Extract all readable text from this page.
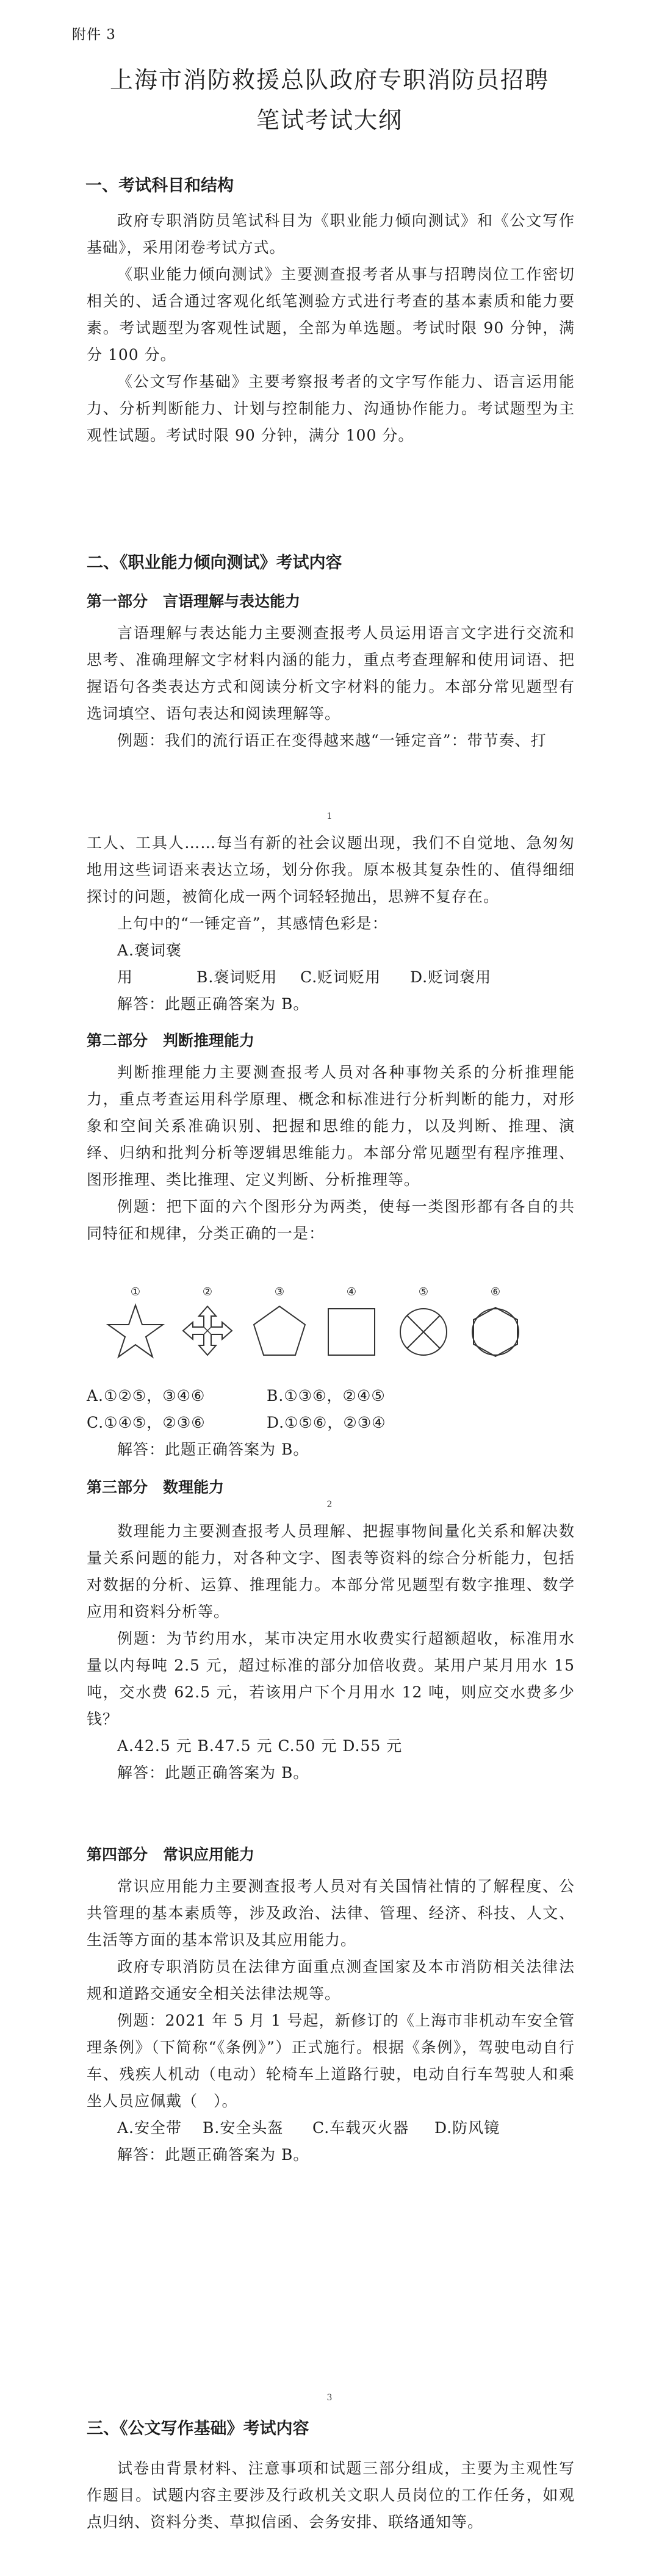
附件 3
上海市消防救援总队政府专职消防员招聘
笔试考试大纲
一、考试科目和结构

政府专职消防员笔试科目为《职业能力倾向测试》和《公文写作基础》，采用闭卷考试方式。

《职业能力倾向测试》主要测查报考者从事与招聘岗位工作密切相关的、适合通过客观化纸笔测验方式进行考查的基本素质和能力要素。考试题型为客观性试题，全部为单选题。考试时限 90 分钟，满分 100 分。

《公文写作基础》主要考察报考者的文字写作能力、语言运用能力、分析判断能力、计划与控制能力、沟通协作能力。考试题型为主观性试题。考试时限 90 分钟，满分 100 分。

二、《职业能力倾向测试》考试内容
第一部分　言语理解与表达能力

言语理解与表达能力主要测查报考人员运用语言文字进行交流和思考、准确理解文字材料内涵的能力，重点考查理解和使用词语、把握语句各类表达方式和阅读分析文字材料的能力。本部分常见题型有选词填空、语句表达和阅读理解等。

例题：我们的流行语正在变得越来越“一锤定音”：带节奏、打

1

工人、工具人……每当有新的社会议题出现，我们不自觉地、急匆匆地用这些词语来表达立场，划分你我。原本极其复杂性的、值得细细探讨的问题，被简化成一两个词轻轻抛出，思辨不复存在。

上句中的“一锤定音”，其感情色彩是：

A.褒词褒用	B.褒词贬用 C.贬词贬用 D.贬词褒用

解答：此题正确答案为 B。

第二部分　判断推理能力

判断推理能力主要测查报考人员对各种事物关系的分析推理能力，重点考查运用科学原理、概念和标准进行分析判断的能力，对形象和空间关系准确识别、把握和思维的能力，以及判断、推理、演绎、归纳和批判分析等逻辑思维能力。本部分常见题型有程序推理、图形推理、类比推理、定义判断、分析推理等。

例题：把下面的六个图形分为两类，使每一类图形都有各自的共同特征和规律，分类正确的一是：

①	②	③	④	⑤	⑥
A.①②⑤，③④⑥	B.①③⑥，②④⑤
C.①④⑤，②③⑥	D.①⑤⑥，②③④

解答：此题正确答案为 B。

第三部分　数理能力
2

数理能力主要测查报考人员理解、把握事物间量化关系和解决数量关系问题的能力，对各种文字、图表等资料的综合分析能力，包括对数据的分析、运算、推理能力。本部分常见题型有数字推理、数学应用和资料分析等。

例题：为节约用水，某市决定用水收费实行超额超收，标准用水量以内每吨 2.5 元，超过标准的部分加倍收费。某用户某月用水 15 吨，交水费 62.5 元，若该用户下个月用水 12 吨，则应交水费多少钱？

A.42.5 元 B.47.5 元 C.50 元 D.55 元

解答：此题正确答案为 B。

第四部分　常识应用能力

常识应用能力主要测查报考人员对有关国情社情的了解程度、公共管理的基本素质等，涉及政治、法律、管理、经济、科技、人文、生活等方面的基本常识及其应用能力。

政府专职消防员在法律方面重点测查国家及本市消防相关法律法规和道路交通安全相关法律法规等。

例题：2021 年 5 月 1 号起，新修订的《上海市非机动车安全管理条例》（下简称“《条例》”）正式施行。根据《条例》，驾驶电动自行车、残疾人机动（电动）轮椅车上道路行驶，电动自行车驾驶人和乘坐人员应佩戴（　）。

A.安全带 B.安全头盔 C.车载灭火器 D.防风镜

解答：此题正确答案为 B。

3
三、《公文写作基础》考试内容

试卷由背景材料、注意事项和试题三部分组成，主要为主观性写作题目。试题内容主要涉及行政机关文职人员岗位的工作任务，如观点归纳、资料分类、草拟信函、会务安排、联络通知等。
